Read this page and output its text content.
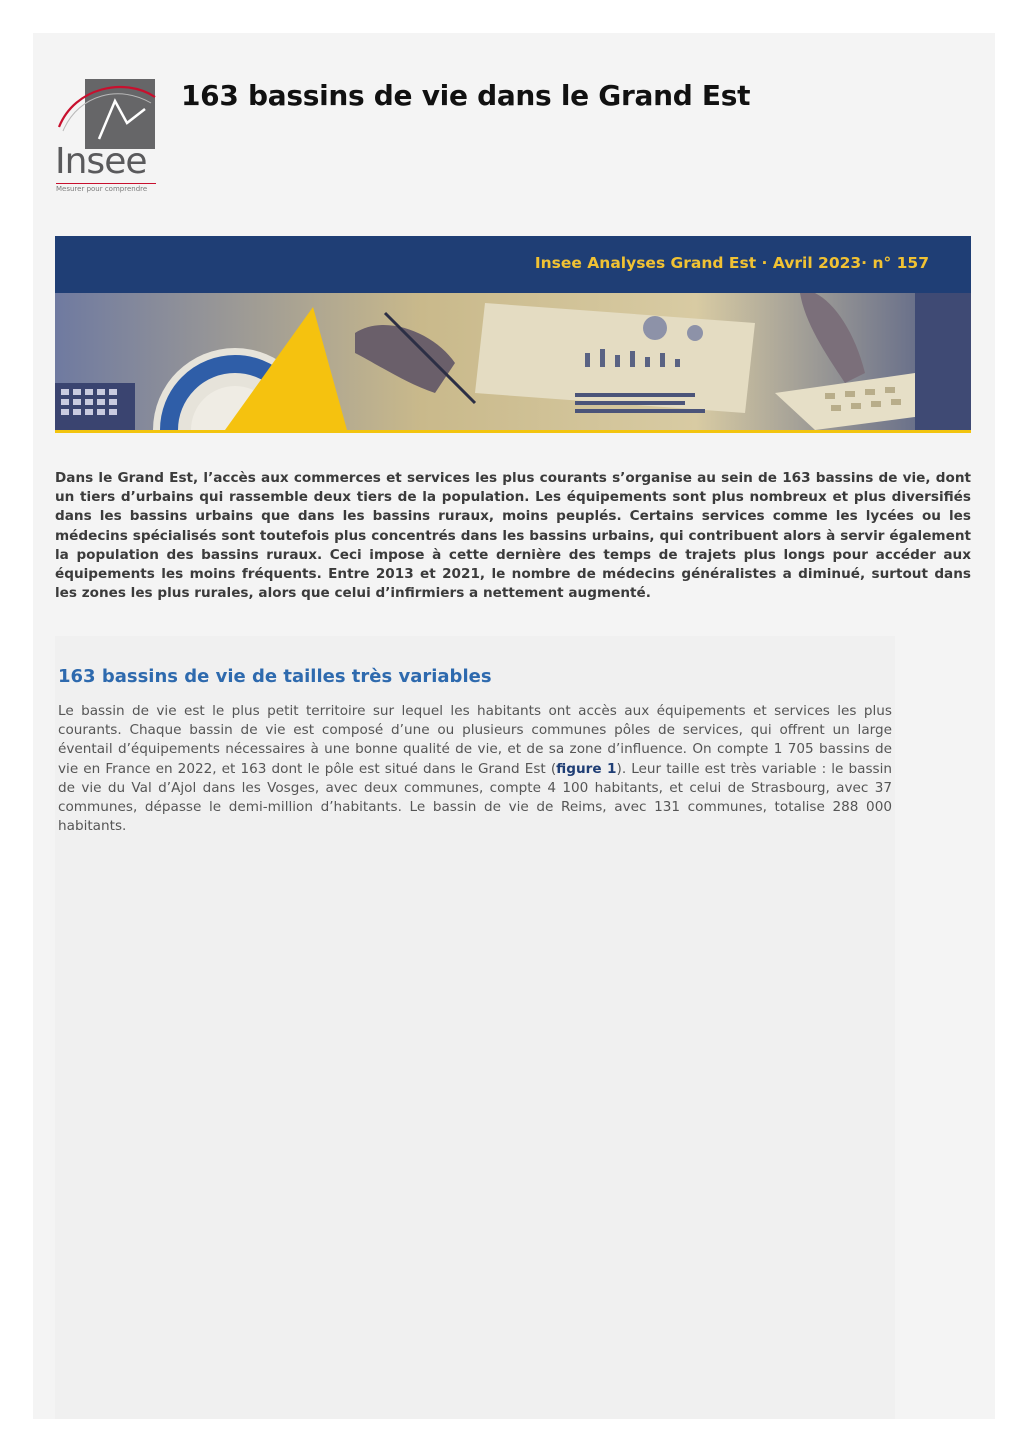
Insee
Mesurer pour comprendre
163 bassins de vie dans le Grand Est
Insee Analyses Grand Est · Avril 2023· n° 157

Dans le Grand Est, l’accès aux commerces et services les plus courants s’organise au sein de 163 bassins de vie, dont un tiers d’urbains qui rassemble deux tiers de la population. Les équipements sont plus nombreux et plus diversifiés dans les bassins urbains que dans les bassins ruraux, moins peuplés. Certains services comme les lycées ou les médecins spécialisés sont toutefois plus concentrés dans les bassins urbains, qui contribuent alors à servir également la population des bassins ruraux. Ceci impose à cette dernière des temps de trajets plus longs pour accéder aux équipements les moins fréquents. Entre 2013 et 2021, le nombre de médecins généralistes a diminué, surtout dans les zones les plus rurales, alors que celui d’infirmiers a nettement augmenté.

163 bassins de vie de tailles très variables

Le bassin de vie est le plus petit territoire sur lequel les habitants ont accès aux équipements et services les plus courants. Chaque bassin de vie est composé d’une ou plusieurs communes pôles de services, qui offrent un large éventail d’équipements nécessaires à une bonne qualité de vie, et de sa zone d’influence. On compte 1 705 bassins de vie en France en 2022, et 163 dont le pôle est situé dans le Grand Est (figure 1). Leur taille est très variable : le bassin de vie du Val d’Ajol dans les Vosges, avec deux communes, compte 4 100 habitants, et celui de Strasbourg, avec 37 communes, dépasse le demi-million d’habitants. Le bassin de vie de Reims, avec 131 communes, totalise 288 000 habitants.
